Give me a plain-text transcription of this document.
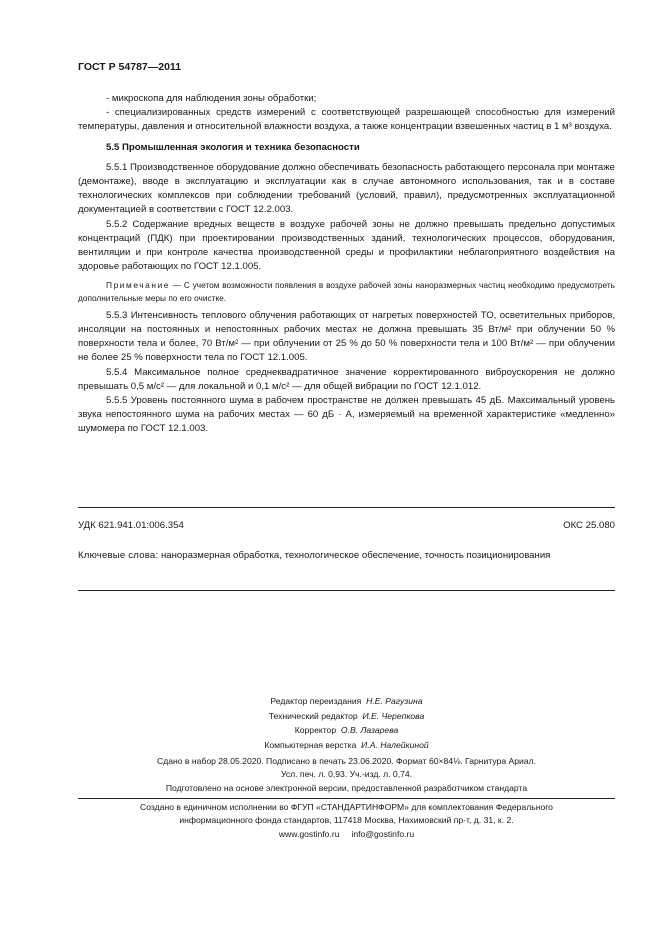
ГОСТ Р 54787—2011

- микроскопа для наблюдения зоны обработки;

- специализированных средств измерений с соответствующей разрешающей способностью для измерений температуры, давления и относительной влажности воздуха, а также концентрации взвешенных частиц в 1 м³ воздуха.

5.5 Промышленная экология и техника безопасности

5.5.1 Производственное оборудование должно обеспечивать безопасность работающего персонала при монтаже (демонтаже), вводе в эксплуатацию и эксплуатации как в случае автономного использования, так и в составе технологических комплексов при соблюдении требований (условий, правил), предусмотренных эксплуатационной документацией в соответствии с ГОСТ 12.2.003.

5.5.2 Содержание вредных веществ в воздухе рабочей зоны не должно превышать предельно допустимых концентраций (ПДК) при проектировании производственных зданий, технологических процессов, оборудования, вентиляции и при контроле качества производственной среды и профилактики неблагоприятного воздействия на здоровье работающих по ГОСТ 12.1.005.

Примечание — С учетом возможности появления в воздухе рабочей зоны наноразмерных частиц необходимо предусмотреть дополнительные меры по его очистке.

5.5.3 Интенсивность теплового облучения работающих от нагретых поверхностей ТО, осветительных приборов, инсоляции на постоянных и непостоянных рабочих местах не должна превышать 35 Вт/м² при облучении 50 % поверхности тела и более, 70 Вт/м² — при облучении от 25 % до 50 % поверхности тела и 100 Вт/м² — при облучении не более 25 % поверхности тела по ГОСТ 12.1.005.

5.5.4 Максимальное полное среднеквадратичное значение корректированного виброускорения не должно превышать 0,5 м/с² — для локальной и 0,1 м/с² — для общей вибрации по ГОСТ 12.1.012.

5.5.5 Уровень постоянного шума в рабочем пространстве не должен превышать 45 дБ. Максимальный уровень звука непостоянного шума на рабочих местах — 60 дБ · А, измеряемый на временной характеристике «медленно» шумомера по ГОСТ 12.1.003.

УДК 621.941.01:006.354	ОКС 25.080
Ключевые слова: наноразмерная обработка, технологическое обеспечение, точность позиционирования
Редактор переиздания Н.Е. Рагузина
Технический редактор И.Е. Черепкова
Корректор О.В. Лазарева
Компьютерная верстка И.А. Налейкиной
Сдано в набор 28.05.2020. Подписано в печать 23.06.2020. Формат 60×84⅛. Гарнитура Ариал.
Усл. печ. л. 0,93. Уч.-изд. л. 0,74.
Подготовлено на основе электронной версии, предоставленной разработчиком стандарта
Создано в единичном исполнении во ФГУП «СТАНДАРТИНФОРМ» для комплектования Федерального
информационного фонда стандартов, 117418 Москва, Нахимовский пр-т, д. 31, к. 2.
www.gostinfo.ru info@gostinfo.ru
